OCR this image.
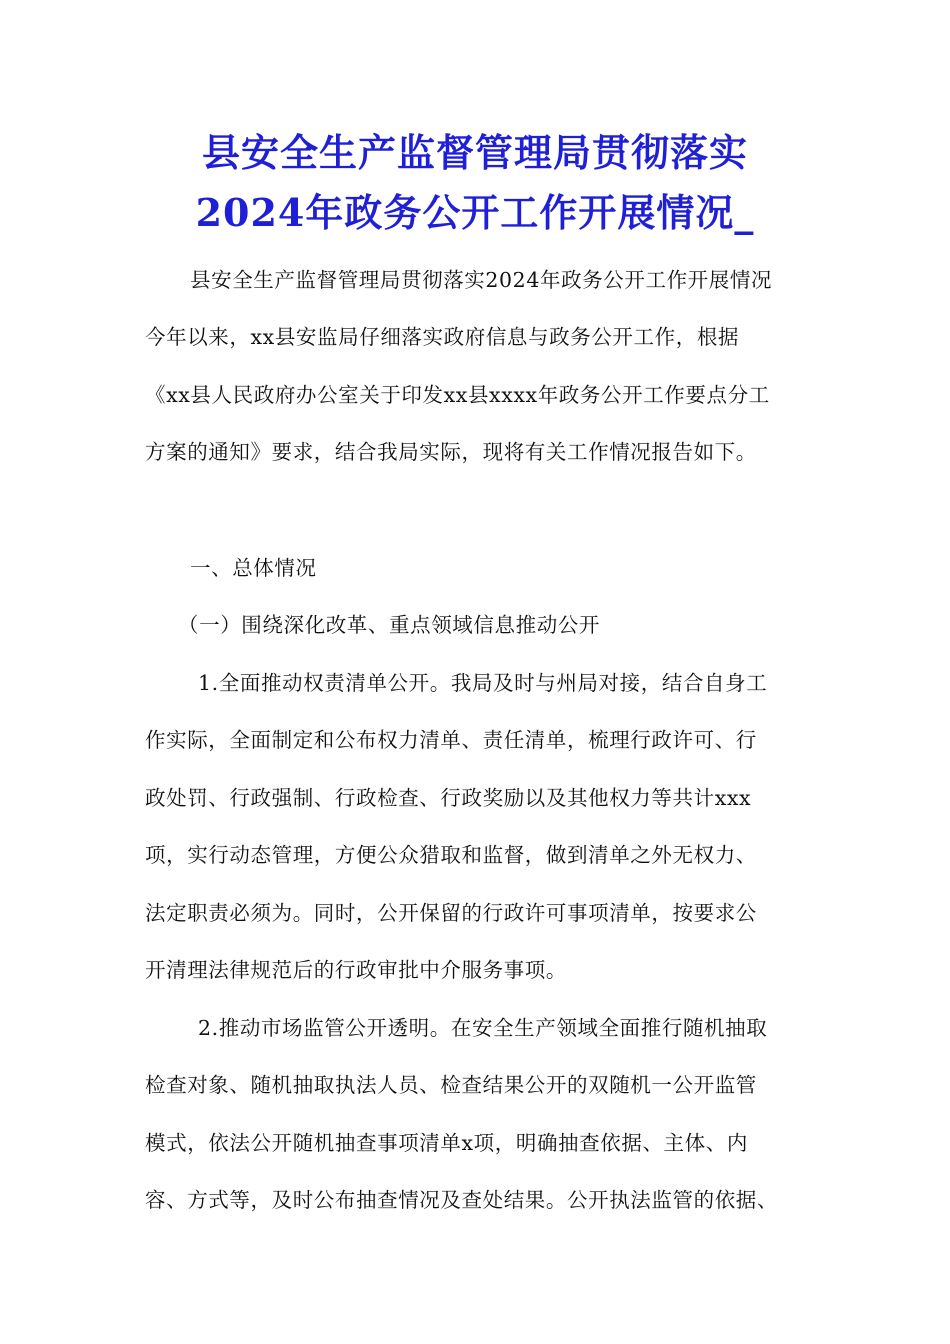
县安全生产监督管理局贯彻落实
2024年政务公开工作开展情况_
县安全生产监督管理局贯彻落实2024年政务公开工作开展情况
今年以来，xx县安监局仔细落实政府信息与政务公开工作，根据
《xx县人民政府办公室关于印发xx县xxxx年政务公开工作要点分工
方案的通知》要求，结合我局实际，现将有关工作情况报告如下。
一、总体情况
（一）围绕深化改革、重点领域信息推动公开
1.全面推动权责清单公开。我局及时与州局对接，结合自身工
作实际，全面制定和公布权力清单、责任清单，梳理行政许可、行
政处罚、行政强制、行政检查、行政奖励以及其他权力等共计xxx
项，实行动态管理，方便公众猎取和监督，做到清单之外无权力、
法定职责必须为。同时，公开保留的行政许可事项清单，按要求公
开清理法律规范后的行政审批中介服务事项。
2.推动市场监管公开透明。在安全生产领域全面推行随机抽取
检查对象、随机抽取执法人员、检查结果公开的双随机一公开监管
模式，依法公开随机抽查事项清单x项，明确抽查依据、主体、内
容、方式等，及时公布抽查情况及查处结果。公开执法监管的依据、
